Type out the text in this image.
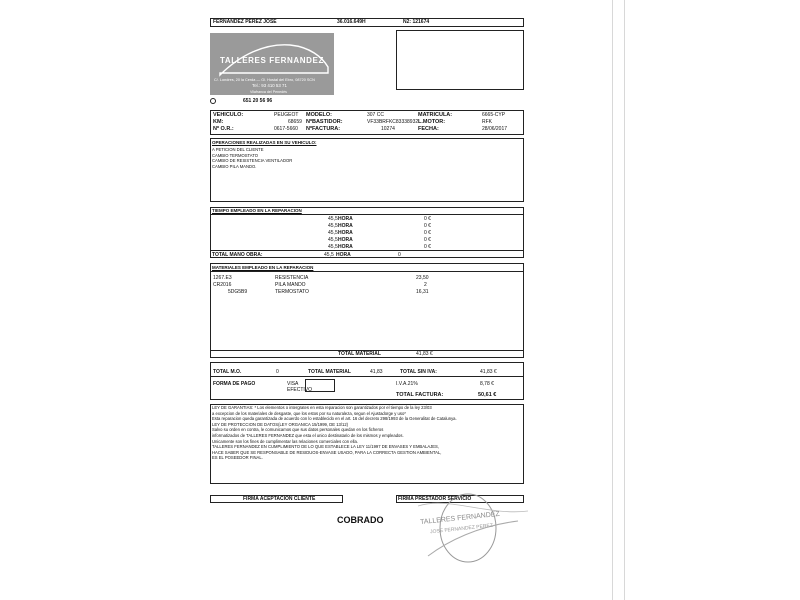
FERNANDEZ PEREZ JOSE	36.016.649H	N2: 121674
TALLERES FERNANDEZ
C/. Londres, 20 la Cerda — Gl. Hostal del Ebro, 08720 SCN
Tel.: 93 410 53 71
Vilafranca del Penedès
651 20 56 96
VEHICULO:	PEUGEOT MODELO:	307 CC	MATRICULA:	6665-CYP
KM:	68659 NºBASTIDOR:	VF33BRFKC83338932 L.MOTOR:	RFK
Nº O.R.:	0617-5660 NºFACTURA:	10274	FECHA:	28/06/2017
OPERACIONES REALIZADAS EN SU VEHICULO:
A PETICION DEL CLIENTE
CAMBIO TERMOSTATO
CAMBIO DE RESISTENCIA VENTILADOR
CAMBIO PILA MANDO.
TIEMPO EMPLEADO EN LA REPARACION
45,5 HORA	0 €
45,5 HORA	0 €
45,5 HORA	0 €
45,5 HORA	0 €
45,5 HORA	0 €
TOTAL MANO OBRA:	45,5 HORA	0
MATERIALES EMPLEADO EN LA REPARACION
1267.E3	RESISTENCIA	23,50
CR2016	PILA MANDO	2
5DG5B9	TERMOSTATO	16,31
TOTAL MATERIAL	41,83 €
TOTAL M.O.	0	TOTAL MATERIAL	41,83	TOTAL SIN IVA:	41,83 €
FORMA DE PAGO	VISA
EFECTIVO
I.V.A.21%	8,78 €
TOTAL FACTURA:	50,61 €
LEY DE GARANTIAS: * Los elementos o intergrates en esta reparacion son garantizados por el tiempo de la ley 23/03
a excepcion de los materiales de desgaste, que los estos por su naturaleza, segun el Ajustadorge y uso*
Esta reparacion queda garantizada de acuerdo con lo establecido en el art. 16 del decreto 298/1993 de la Generalitat de Catalunya.
LEY DE PROTECCION DE DATOS(LEY ORGANICA 15/1999, DE 13/12)
Salvo su orden en contra, le comunicamos que sus datos personales quedan en los ficheros
informatizados de TALLERES FERNANDEZ que esta el unico destinatario de los mismos y empleados.
Unicamente son los fines de cumplimentar las relaciones comerciales con ella.
TALLERES FERNANDEZ EN CUMPLIMIENTO DE LO QUE ESTABLECE LA LEY 11/1997 DE ENVASES Y EMBALAJES,
HACE SABER QUE SE RESPONSABLE DE RESIDUOS-ENVASE USADO, PARA LA CORRECTA GESTION AMBIENTAL,
ES EL POSEEDOR FINAL.
FIRMA ACEPTACION CLIENTE	FIRMA PRESTADOR SERVICIO
COBRADO	TALLERES FERNANDEZ
JOSE FERNANDEZ PEREZ
